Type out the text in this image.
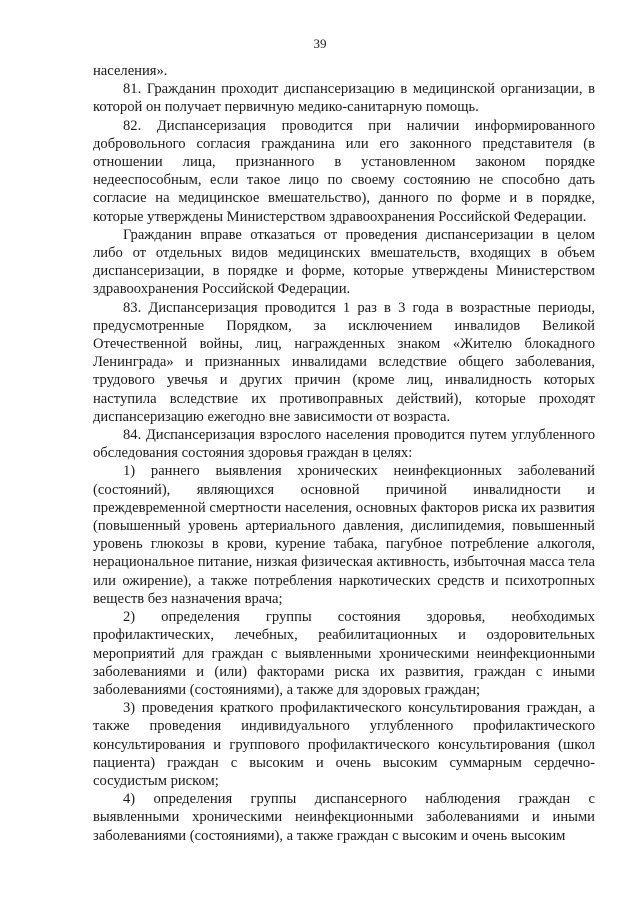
39

населения».

81. Гражданин проходит диспансеризацию в медицинской организации, в которой он получает первичную медико-санитарную помощь.

82. Диспансеризация проводится при наличии информированного добровольного согласия гражданина или его законного представителя (в отношении лица, признанного в установленном законом порядке недееспособным, если такое лицо по своему состоянию не способно дать согласие на медицинское вмешательство), данного по форме и в порядке, которые утверждены Министерством здравоохранения Российской Федерации.

Гражданин вправе отказаться от проведения диспансеризации в целом либо от отдельных видов медицинских вмешательств, входящих в объем диспансеризации, в порядке и форме, которые утверждены Министерством здравоохранения Российской Федерации.

83. Диспансеризация проводится 1 раз в 3 года в возрастные периоды, предусмотренные Порядком, за исключением инвалидов Великой Отечественной войны, лиц, награжденных знаком «Жителю блокадного Ленинграда» и признанных инвалидами вследствие общего заболевания, трудового увечья и других причин (кроме лиц, инвалидность которых наступила вследствие их противоправных действий), которые проходят диспансеризацию ежегодно вне зависимости от возраста.

84. Диспансеризация взрослого населения проводится путем углубленного обследования состояния здоровья граждан в целях:

1) раннего выявления хронических неинфекционных заболеваний (состояний), являющихся основной причиной инвалидности и преждевременной смертности населения, основных факторов риска их развития (повышенный уровень артериального давления, дислипидемия, повышенный уровень глюкозы в крови, курение табака, пагубное потребление алкоголя, нерациональное питание, низкая физическая активность, избыточная масса тела или ожирение), а также потребления наркотических средств и психотропных веществ без назначения врача;

2) определения группы состояния здоровья, необходимых профилактических, лечебных, реабилитационных и оздоровительных мероприятий для граждан с выявленными хроническими неинфекционными заболеваниями и (или) факторами риска их развития, граждан с иными заболеваниями (состояниями), а также для здоровых граждан;

3) проведения краткого профилактического консультирования граждан, а также проведения индивидуального углубленного профилактического консультирования и группового профилактического консультирования (школ пациента) граждан с высоким и очень высоким суммарным сердечно-сосудистым риском;

4) определения группы диспансерного наблюдения граждан с выявленными хроническими неинфекционными заболеваниями и иными заболеваниями (состояниями), а также граждан с высоким и очень высоким
